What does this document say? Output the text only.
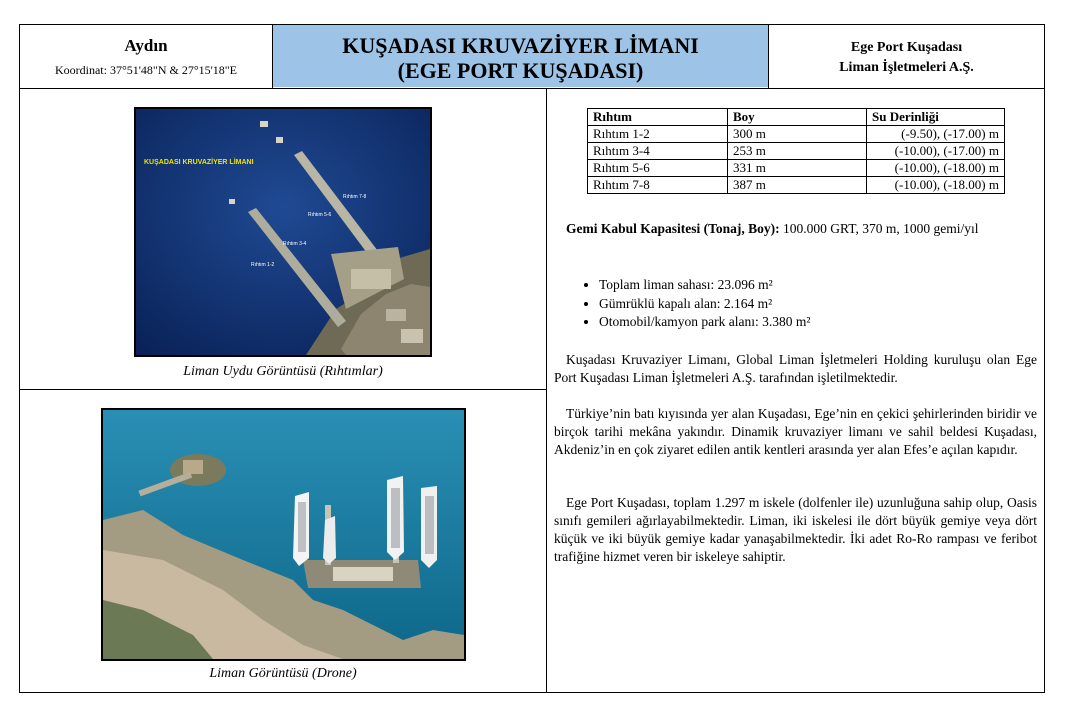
Aydın
Koordinat: 37°51'48"N & 27°15'18"E
KUŞADASI KRUVAZİYER LİMANI
(EGE PORT KUŞADASI)
Ege Port Kuşadası
Liman İşletmeleri A.Ş.
KUŞADASI KRUVAZİYER LİMANI
Rıhtım 7-8
Rıhtım 5-6
Rıhtım 3-4
Rıhtım 1-2
Liman Uydu Görüntüsü (Rıhtımlar)
Liman Görüntüsü (Drone)
Rıhtım	Boy	Su Derinliği
Rıhtım 1-2	300 m	(-9.50), (-17.00) m
Rıhtım 3-4	253 m	(-10.00), (-17.00) m
Rıhtım 5-6	331 m	(-10.00), (-18.00) m
Rıhtım 7-8	387 m	(-10.00), (-18.00) m

Gemi Kabul Kapasitesi (Tonaj, Boy): 100.000 GRT, 370 m, 1000 gemi/yıl

• Toplam liman sahası: 23.096 m²
• Gümrüklü kapalı alan: 2.164 m²
• Otomobil/kamyon park alanı: 3.380 m²

Kuşadası Kruvaziyer Limanı, Global Liman İşletmeleri Holding kuruluşu olan Ege Port Kuşadası Liman İşletmeleri A.Ş. tarafından işletilmektedir.

Türkiye’nin batı kıyısında yer alan Kuşadası, Ege’nin en çekici şehirlerinden biridir ve birçok tarihi mekâna yakındır. Dinamik kruvaziyer limanı ve sahil beldesi Kuşadası, Akdeniz’in en çok ziyaret edilen antik kentleri arasında yer alan Efes’e açılan kapıdır.

Ege Port Kuşadası, toplam 1.297 m iskele (dolfenler ile) uzunluğuna sahip olup, Oasis sınıfı gemileri ağırlayabilmektedir. Liman, iki iskelesi ile dört büyük gemiye veya dört küçük ve iki büyük gemiye kadar yanaşabilmektedir. İki adet Ro-Ro rampası ve feribot trafiğine hizmet veren bir iskeleye sahiptir.
